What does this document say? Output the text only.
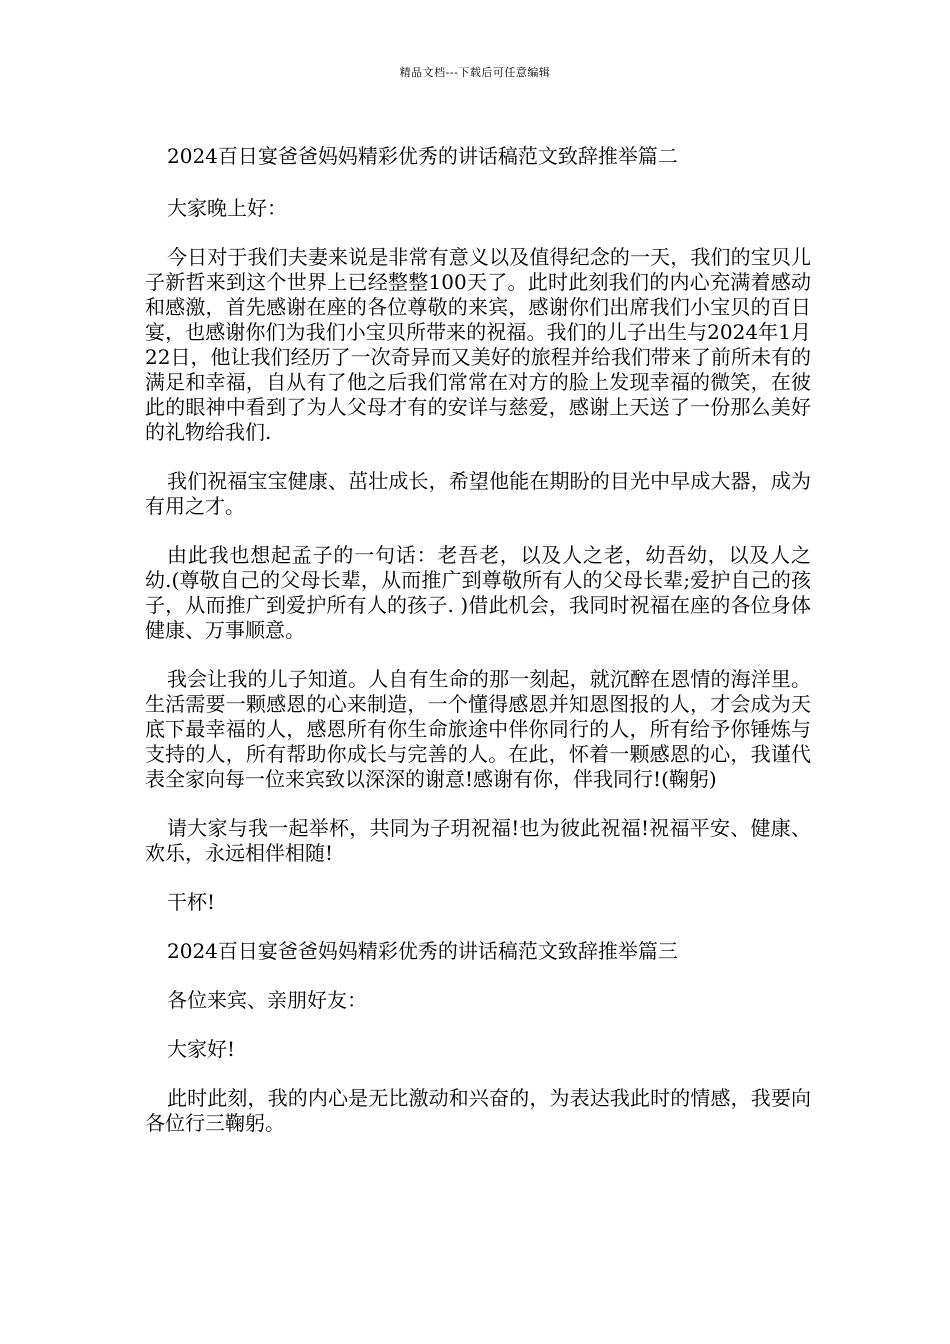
精品文档---下载后可任意编辑

2024百日宴爸爸妈妈精彩优秀的讲话稿范文致辞推举篇二

大家晚上好：

今日对于我们夫妻来说是非常有意义以及值得纪念的一天，我们的宝贝儿子新哲来到这个世界上已经整整100天了。此时此刻我们的内心充满着感动和感激，首先感谢在座的各位尊敬的来宾，感谢你们出席我们小宝贝的百日宴，也感谢你们为我们小宝贝所带来的祝福。我们的儿子出生与2024年1月22日，他让我们经历了一次奇异而又美好的旅程并给我们带来了前所未有的满足和幸福，自从有了他之后我们常常在对方的脸上发现幸福的微笑，在彼此的眼神中看到了为人父母才有的安详与慈爱，感谢上天送了一份那么美好的礼物给我们.

我们祝福宝宝健康、茁壮成长，希望他能在期盼的目光中早成大器，成为有用之才。

由此我也想起孟子的一句话：老吾老，以及人之老，幼吾幼，以及人之幼.(尊敬自己的父母长辈，从而推广到尊敬所有人的父母长辈;爱护自己的孩子，从而推广到爱护所有人的孩子. )借此机会，我同时祝福在座的各位身体健康、万事顺意。

我会让我的儿子知道。人自有生命的那一刻起，就沉醉在恩情的海洋里。生活需要一颗感恩的心来制造，一个懂得感恩并知恩图报的人，才会成为天底下最幸福的人，感恩所有你生命旅途中伴你同行的人，所有给予你锤炼与支持的人，所有帮助你成长与完善的人。在此，怀着一颗感恩的心，我谨代表全家向每一位来宾致以深深的谢意!感谢有你，伴我同行!(鞠躬)

请大家与我一起举杯，共同为子玥祝福!也为彼此祝福!祝福平安、健康、欢乐，永远相伴相随!

干杯!

2024百日宴爸爸妈妈精彩优秀的讲话稿范文致辞推举篇三

各位来宾、亲朋好友：

大家好!

此时此刻，我的内心是无比激动和兴奋的，为表达我此时的情感，我要向各位行三鞠躬。
